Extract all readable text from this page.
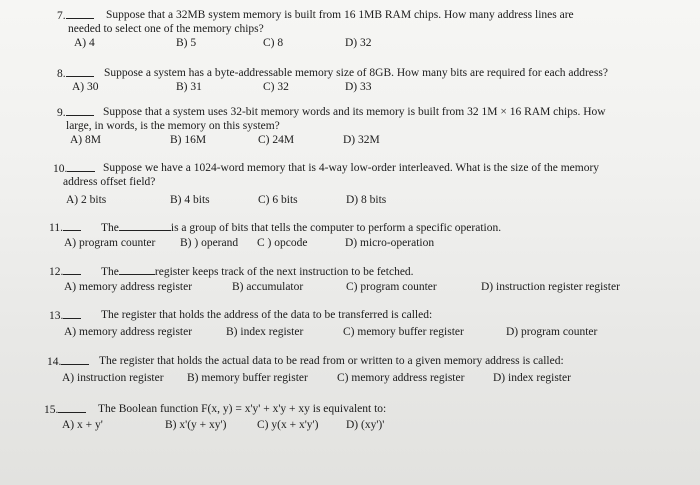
7.	Suppose that a 32MB system memory is built from 16 1MB RAM chips. How many address lines are
needed to select one of the memory chips?
A) 4	B) 5	C) 8	D) 32
8.	Suppose a system has a byte-addressable memory size of 8GB. How many bits are required for each address?
A) 30	B) 31	C) 32	D) 33
9.	Suppose that a system uses 32-bit memory words and its memory is built from 32 1M × 16 RAM chips. How
large, in words, is the memory on this system?
A) 8M	B) 16M	C) 24M	D) 32M
10.	Suppose we have a 1024-word memory that is 4-way low-order interleaved. What is the size of the memory
address offset field?
A) 2 bits	B) 4 bits	C) 6 bits	D) 8 bits
11.	The	is a group of bits that tells the computer to perform a specific operation.
A) program counter B) ) operand C ) opcode	D) micro-operation
12.	The	register keeps track of the next instruction to be fetched.
A) memory address register	B) accumulator	C) program counter	D) instruction register register
13.	The register that holds the address of the data to be transferred is called:
A) memory address register	B) index register	C) memory buffer register	D) program counter
14.	The register that holds the actual data to be read from or written to a given memory address is called:
A) instruction register B) memory buffer register	C) memory address register D) index register
15.	The Boolean function F(x, y) = x'y' + x'y + xy is equivalent to:
A) x + y'	B) x'(y + xy')	C) y(x + x'y') D) (xy')'
